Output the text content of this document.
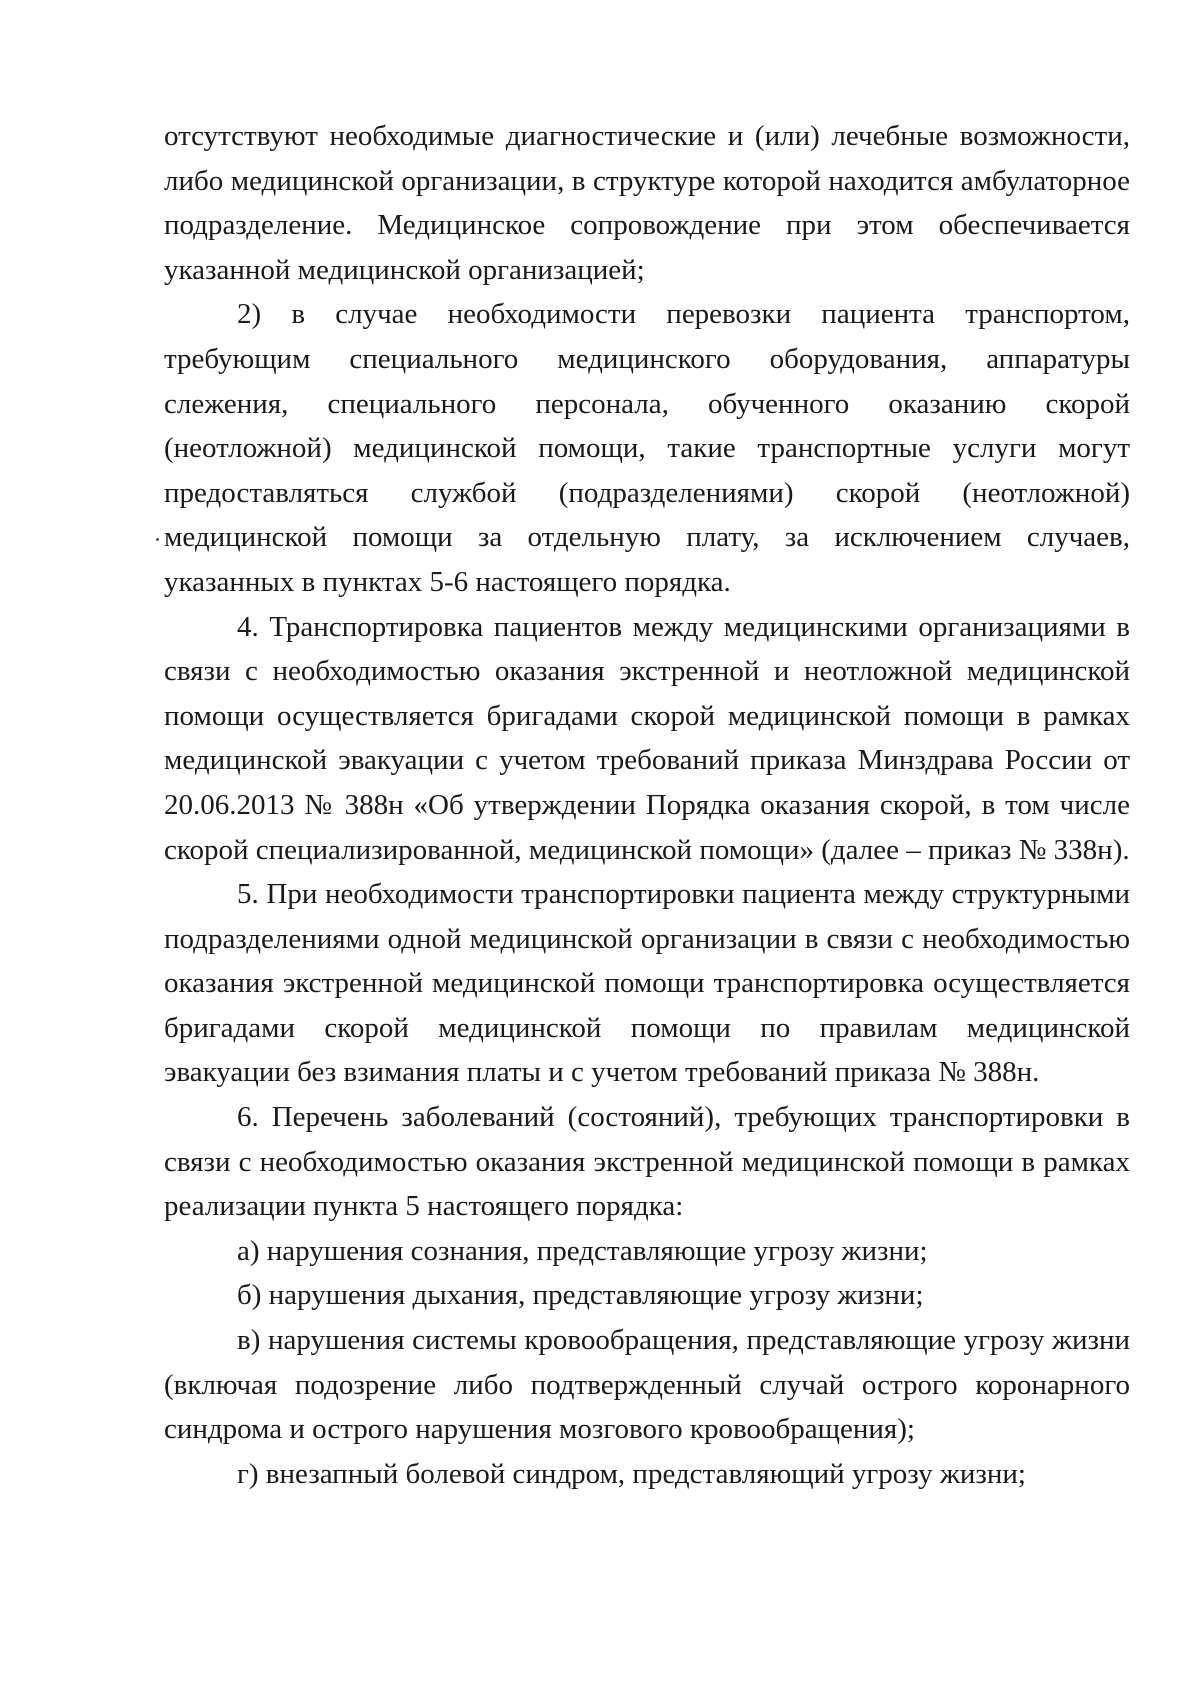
отсутствуют необходимые диагностические и (или) лечебные возможности, либо медицинской организации, в структуре которой находится амбулаторное подразделение. Медицинское сопровождение при этом обеспечивается указанной медицинской организацией;

2) в случае необходимости перевозки пациента транспортом, требующим специального медицинского оборудования, аппаратуры слежения, специального персонала, обученного оказанию скорой (неотложной) медицинской помощи, такие транспортные услуги могут предоставляться службой (подразделениями) скорой (неотложной) медицинской помощи за отдельную плату, за исключением случаев, указанных в пунктах 5-6 настоящего порядка.

4. Транспортировка пациентов между медицинскими организациями в связи с необходимостью оказания экстренной и неотложной медицинской помощи осуществляется бригадами скорой медицинской помощи в рамках медицинской эвакуации с учетом требований приказа Минздрава России от 20.06.2013 № 388н «Об утверждении Порядка оказания скорой, в том числе скорой специализированной, медицинской помощи» (далее – приказ № 338н).

5. При необходимости транспортировки пациента между структурными подразделениями одной медицинской организации в связи с необходимостью оказания экстренной медицинской помощи транспортировка осуществляется бригадами скорой медицинской помощи по правилам медицинской эвакуации без взимания платы и с учетом требований приказа № 388н.

6. Перечень заболеваний (состояний), требующих транспортировки в связи с необходимостью оказания экстренной медицинской помощи в рамках реализации пункта 5 настоящего порядка:

а) нарушения сознания, представляющие угрозу жизни;

б) нарушения дыхания, представляющие угрозу жизни;

в) нарушения системы кровообращения, представляющие угрозу жизни (включая подозрение либо подтвержденный случай острого коронарного синдрома и острого нарушения мозгового кровообращения);

г) внезапный болевой синдром, представляющий угрозу жизни;
